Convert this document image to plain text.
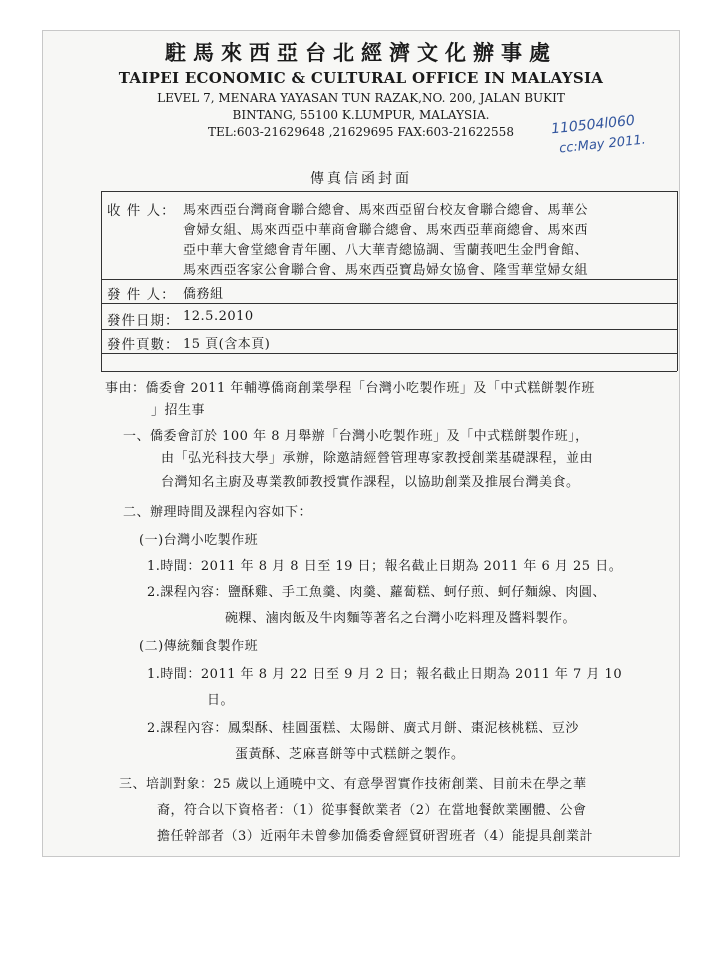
駐馬來西亞台北經濟文化辦事處
TAIPEI ECONOMIC & CULTURAL OFFICE IN MALAYSIA
LEVEL 7, MENARA YAYASAN TUN RAZAK,NO. 200, JALAN BUKIT
BINTANG, 55100 K.LUMPUR, MALAYSIA.
TEL:603-21629648 ,21629695 FAX:603-21622558	110504l060
cc:May 2011.
傳真信函封面
收 件 人： 馬來西亞台灣商會聯合總會、馬來西亞留台校友會聯合總會、馬華公
會婦女組、馬來西亞中華商會聯合總會、馬來西亞華商總會、馬來西
亞中華大會堂總會青年團、八大華青總協調、雪蘭莪吧生金門會館、
馬來西亞客家公會聯合會、馬來西亞寶島婦女協會、隆雪華堂婦女組
發 件 人： 僑務組
發件日期： 12.5.2010
發件頁數： 15 頁(含本頁)
事由：僑委會 2011 年輔導僑商創業學程「台灣小吃製作班」及「中式糕餅製作班
」招生事
一、僑委會訂於 100 年 8 月舉辦「台灣小吃製作班」及「中式糕餅製作班」，
由「弘光科技大學」承辦，除邀請經營管理專家教授創業基礎課程，並由
台灣知名主廚及專業教師教授實作課程，以協助創業及推展台灣美食。
二、辦理時間及課程內容如下：
(一)台灣小吃製作班
1.時間：2011 年 8 月 8 日至 19 日；報名截止日期為 2011 年 6 月 25 日。
2.課程內容：鹽酥雞、手工魚羹、肉羹、蘿蔔糕、蚵仔煎、蚵仔麵線、肉圓、
碗粿、滷肉飯及牛肉麵等著名之台灣小吃料理及醬料製作。
(二)傳統麵食製作班
1.時間：2011 年 8 月 22 日至 9 月 2 日；報名截止日期為 2011 年 7 月 10
日。
2.課程內容：鳳梨酥、桂圓蛋糕、太陽餅、廣式月餅、棗泥核桃糕、豆沙
蛋黃酥、芝麻喜餅等中式糕餅之製作。
三、培訓對象：25 歲以上通曉中文、有意學習實作技術創業、目前未在學之華
裔，符合以下資格者：（1）從事餐飲業者（2）在當地餐飲業團體、公會
擔任幹部者（3）近兩年未曾參加僑委會經貿研習班者（4）能提具創業計
